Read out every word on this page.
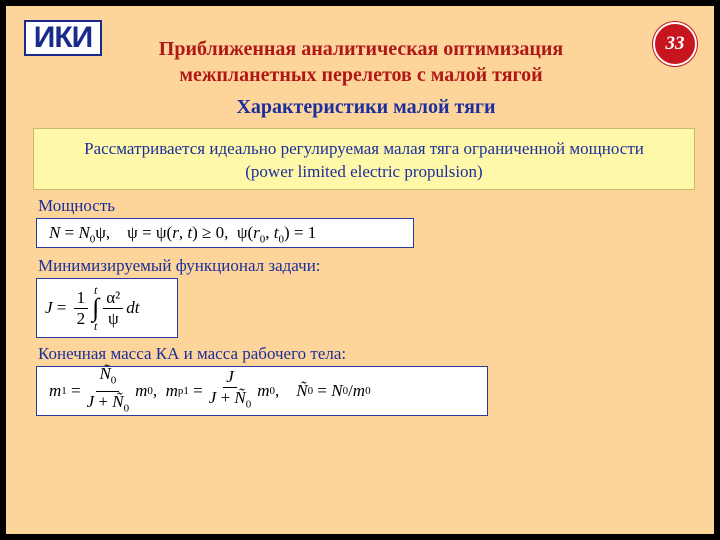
ИКИ	33
Приближенная аналитическая оптимизация
межпланетных перелетов с малой тягой
Характеристики малой тяги
Рассматривается идеально регулируемая малая тяга ограниченной мощности
(power limited electric propulsion)
Мощность
$N = N_0\psi$,    ψ = ψ(r, t) ≥ 0,  $\psi(r_0$, $t_0) = 1$
Минимизируемый функционал задачи:
$J = \frac{1}{2}$ t
∫
t $\frac{\text{α²}}{\psi}$ dt
Конечная масса КА и масса рабочего тела:
m $1 = \frac{Ñ_0}{J + Ñ_0}$ m 0 , m $p1 = \frac{J}{J + Ñ_0}$ m 0 , Ñ 0 = N 0 / m 0
